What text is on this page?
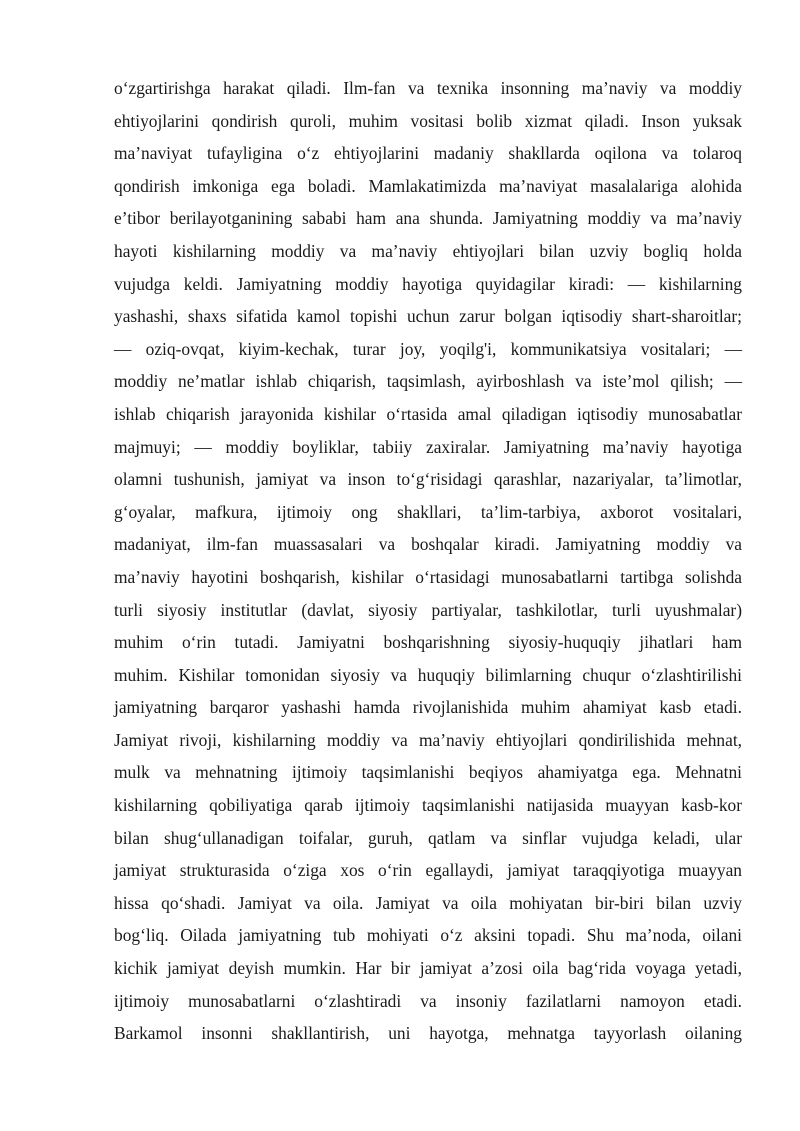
o‘zgartirishga harakat qiladi. Ilm-fan va texnika insonning ma’naviy va moddiy
ehtiyojlarini qondirish quroli, muhim vositasi bolib xizmat qiladi. Inson yuksak
ma’naviyat tufayligina o‘z ehtiyojlarini madaniy shakllarda oqilona va tolaroq
qondirish imkoniga ega boladi. Mamlakatimizda ma’naviyat masalalariga alohida
e’tibor berilayotganining sababi ham ana shunda. Jamiyatning moddiy va ma’naviy
hayoti kishilarning moddiy va ma’naviy ehtiyojlari bilan uzviy bogliq holda
vujudga keldi. Jamiyatning moddiy hayotiga quyidagilar kiradi: — kishilarning
yashashi, shaxs sifatida kamol topishi uchun zarur bolgan iqtisodiy shart-sharoitlar;
— oziq-ovqat, kiyim-kechak, turar joy, yoqilg'i, kommunikatsiya vositalari; —
moddiy ne’matlar ishlab chiqarish, taqsimlash, ayirboshlash va iste’mol qilish; —
ishlab chiqarish jarayonida kishilar o‘rtasida amal qiladigan iqtisodiy munosabatlar
majmuyi; — moddiy boyliklar, tabiiy zaxiralar. Jamiyatning ma’naviy hayotiga
olamni tushunish, jamiyat va inson to‘g‘risidagi qarashlar, nazariyalar, ta’limotlar,
g‘oyalar, mafkura, ijtimoiy ong shakllari, ta’lim-tarbiya, axborot vositalari,
madaniyat, ilm-fan muassasalari va boshqalar kiradi. Jamiyatning moddiy va
ma’naviy hayotini boshqarish, kishilar o‘rtasidagi munosabatlarni tartibga solishda
turli siyosiy institutlar (davlat, siyosiy partiyalar, tashkilotlar, turli uyushmalar)
muhim o‘rin tutadi. Jamiyatni boshqarishning siyosiy-huquqiy jihatlari ham
muhim. Kishilar tomonidan siyosiy va huquqiy bilimlarning chuqur o‘zlashtirilishi
jamiyatning barqaror yashashi hamda rivojlanishida muhim ahamiyat kasb etadi.
Jamiyat rivoji, kishilarning moddiy va ma’naviy ehtiyojlari qondirilishida mehnat,
mulk va mehnatning ijtimoiy taqsimlanishi beqiyos ahamiyatga ega. Mehnatni
kishilarning qobiliyatiga qarab ijtimoiy taqsimlanishi natijasida muayyan kasb-kor
bilan shug‘ullanadigan toifalar, guruh, qatlam va sinflar vujudga keladi, ular
jamiyat strukturasida o‘ziga xos o‘rin egallaydi, jamiyat taraqqiyotiga muayyan
hissa qo‘shadi. Jamiyat va oila. Jamiyat va oila mohiyatan bir-biri bilan uzviy
bog‘liq. Oilada jamiyatning tub mohiyati o‘z aksini topadi. Shu ma’noda, oilani
kichik jamiyat deyish mumkin. Har bir jamiyat a’zosi oila bag‘rida voyaga yetadi,
ijtimoiy munosabatlarni o‘zlashtiradi va insoniy fazilatlarni namoyon etadi.
Barkamol insonni shakllantirish, uni hayotga, mehnatga tayyorlash oilaning
